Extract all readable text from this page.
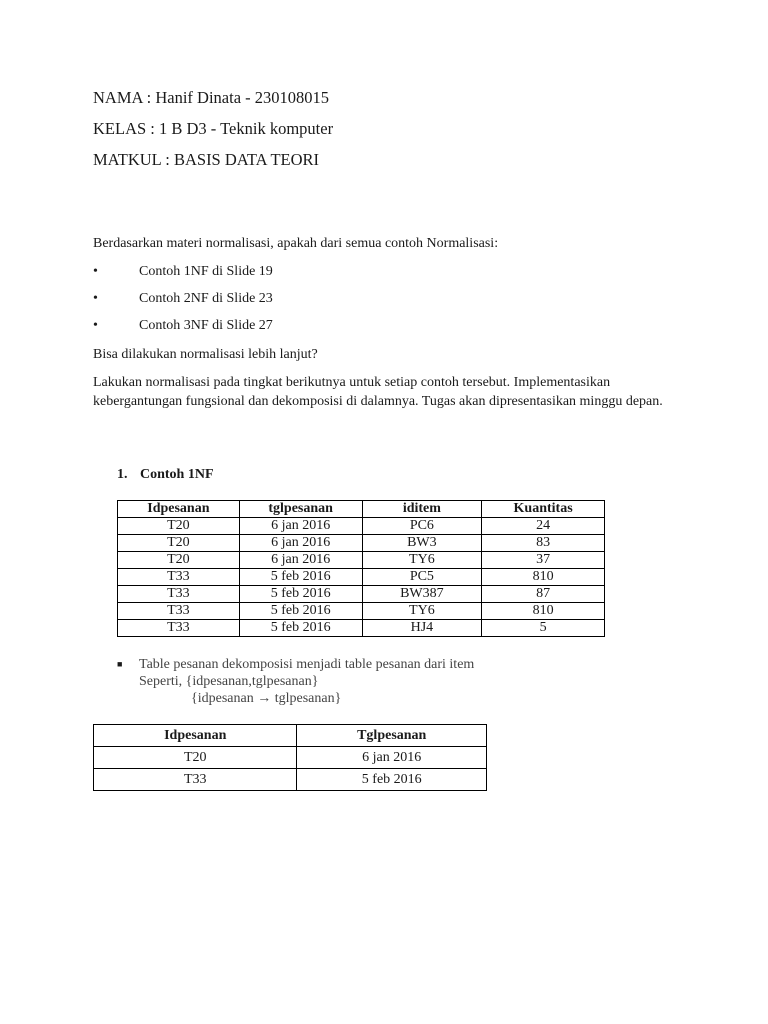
NAMA : Hanif Dinata - 230108015
KELAS : 1 B D3 - Teknik komputer
MATKUL : BASIS DATA TEORI
Berdasarkan materi normalisasi, apakah dari semua contoh Normalisasi:
•	Contoh 1NF di Slide 19
•	Contoh 2NF di Slide 23
•	Contoh 3NF di Slide 27
Bisa dilakukan normalisasi lebih lanjut?
Lakukan normalisasi pada tingkat berikutnya untuk setiap contoh tersebut. Implementasikan kebergantungan fungsional dan dekomposisi di dalamnya. Tugas akan dipresentasikan minggu depan.
1. Contoh 1NF
Idpesanan	tglpesanan	iditem	Kuantitas
T20	6 jan 2016	PC6	24
T20	6 jan 2016	BW3	83
T20	6 jan 2016	TY6	37
T33	5 feb 2016	PC5	810
T33	5 feb 2016	BW387	87
T33	5 feb 2016	TY6	810
T33	5 feb 2016	HJ4	5
■ Table pesanan dekomposisi menjadi table pesanan dari item
Seperti, {idpesanan,tglpesanan}
{idpesanan → tglpesanan}
Idpesanan	Tglpesanan
T20	6 jan 2016
T33	5 feb 2016
